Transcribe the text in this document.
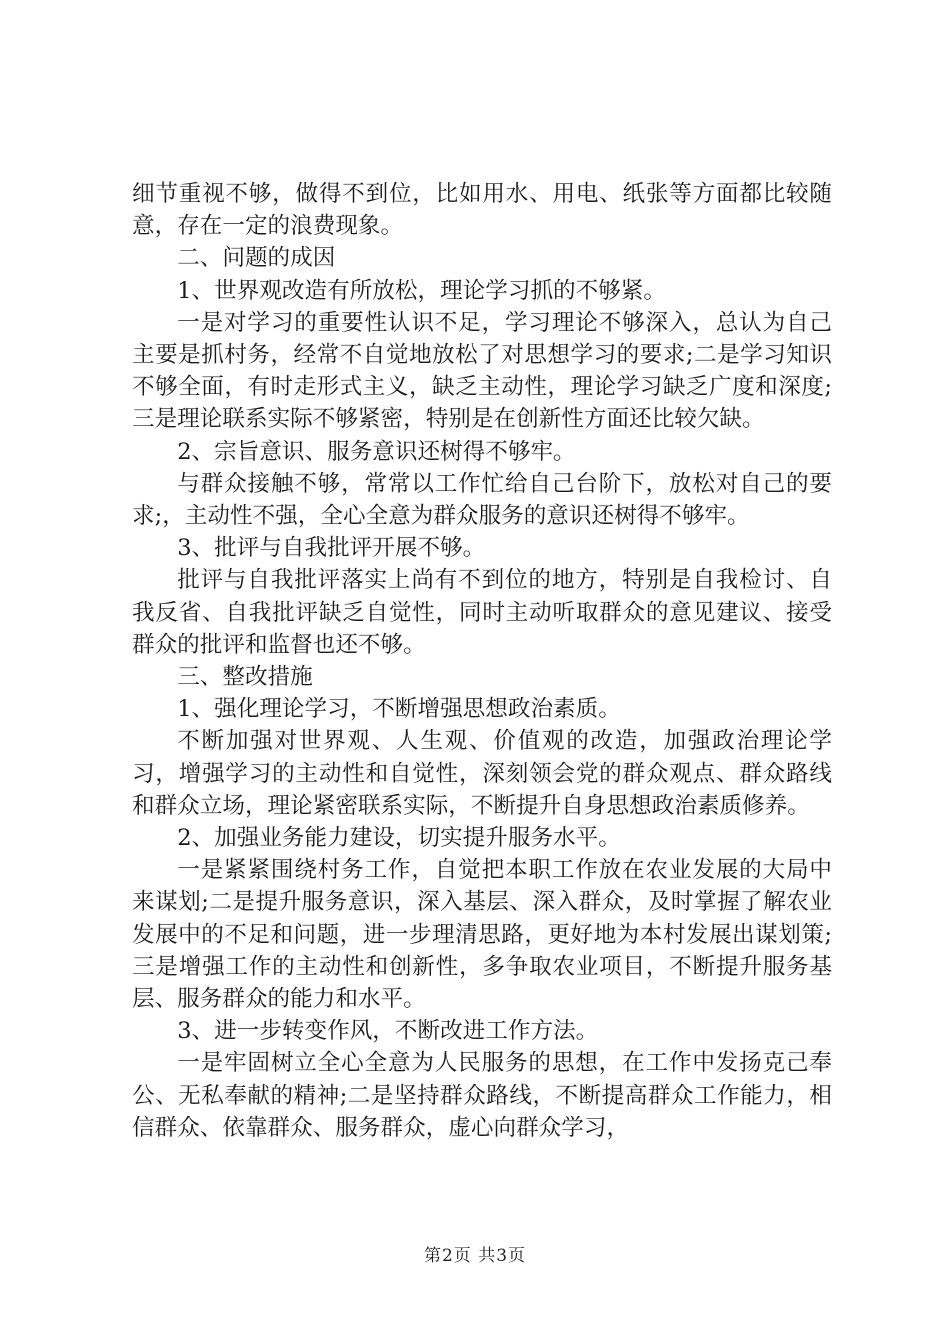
细节重视不够，做得不到位，比如用水、用电、纸张等方面都比较随意，存在一定的浪费现象。

二、问题的成因

1、世界观改造有所放松，理论学习抓的不够紧。

一是对学习的重要性认识不足，学习理论不够深入，总认为自己主要是抓村务，经常不自觉地放松了对思想学习的要求;二是学习知识不够全面，有时走形式主义，缺乏主动性，理论学习缺乏广度和深度;三是理论联系实际不够紧密，特别是在创新性方面还比较欠缺。

2、宗旨意识、服务意识还树得不够牢。

与群众接触不够，常常以工作忙给自己台阶下，放松对自己的要求;，主动性不强，全心全意为群众服务的意识还树得不够牢。

3、批评与自我批评开展不够。

批评与自我批评落实上尚有不到位的地方，特别是自我检讨、自我反省、自我批评缺乏自觉性，同时主动听取群众的意见建议、接受群众的批评和监督也还不够。

三、整改措施

1、强化理论学习，不断增强思想政治素质。

不断加强对世界观、人生观、价值观的改造，加强政治理论学习，增强学习的主动性和自觉性，深刻领会党的群众观点、群众路线和群众立场，理论紧密联系实际，不断提升自身思想政治素质修养。

2、加强业务能力建设，切实提升服务水平。

一是紧紧围绕村务工作，自觉把本职工作放在农业发展的大局中来谋划;二是提升服务意识，深入基层、深入群众，及时掌握了解农业发展中的不足和问题，进一步理清思路，更好地为本村发展出谋划策;三是增强工作的主动性和创新性，多争取农业项目，不断提升服务基层、服务群众的能力和水平。

3、进一步转变作风，不断改进工作方法。

一是牢固树立全心全意为人民服务的思想，在工作中发扬克己奉公、无私奉献的精神;二是坚持群众路线，不断提高群众工作能力，相信群众、依靠群众、服务群众，虚心向群众学习，

第2页 共3页
